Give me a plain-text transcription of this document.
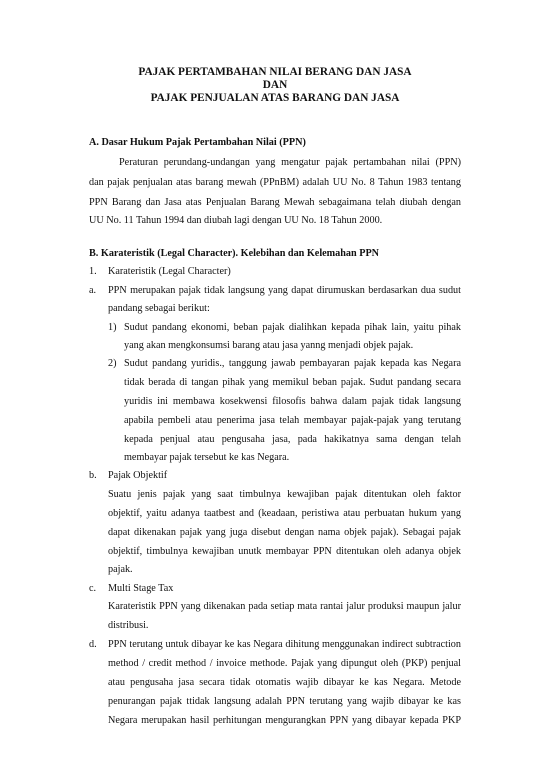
PAJAK PERTAMBAHAN NILAI BERANG DAN JASA
DAN
PAJAK PENJUALAN ATAS BARANG DAN JASA
A. Dasar Hukum Pajak Pertambahan Nilai (PPN)
Peraturan perundang-undangan yang mengatur pajak pertambahan nilai (PPN)
dan pajak penjualan atas barang mewah (PPnBM) adalah UU No. 8 Tahun 1983 tentang
PPN Barang dan Jasa atas Penjualan Barang Mewah sebagaimana telah diubah dengan
UU No. 11 Tahun 1994 dan diubah lagi dengan UU No. 18 Tahun 2000.
B. Karateristik (Legal Character). Kelebihan dan Kelemahan PPN
1. Karateristik (Legal Character)
a. PPN merupakan pajak tidak langsung yang dapat dirumuskan berdasarkan dua sudut
pandang sebagai berikut:
1) Sudut pandang ekonomi, beban pajak dialihkan kepada pihak lain, yaitu pihak
yang akan mengkonsumsi barang atau jasa yanng menjadi objek pajak.
2) Sudut pandang yuridis., tanggung jawab pembayaran pajak kepada kas Negara
tidak berada di tangan pihak yang memikul beban pajak. Sudut pandang secara
yuridis ini membawa kosekwensi filosofis bahwa dalam pajak tidak langsung
apabila pembeli atau penerima jasa telah membayar pajak-pajak yang terutang
kepada penjual atau pengusaha jasa, pada hakikatnya sama dengan telah
membayar pajak tersebut ke kas Negara.
b. Pajak Objektif
Suatu jenis pajak yang saat timbulnya kewajiban pajak ditentukan oleh faktor
objektif, yaitu adanya taatbest and (keadaan, peristiwa atau perbuatan hukum yang
dapat dikenakan pajak yang juga disebut dengan nama objek pajak). Sebagai pajak
objektif, timbulnya kewajiban unutk membayar PPN ditentukan oleh adanya objek
pajak.
c. Multi Stage Tax
Karateristik PPN yang dikenakan pada setiap mata rantai jalur produksi maupun jalur
distribusi.
d. PPN terutang untuk dibayar ke kas Negara dihitung menggunakan indirect subtraction
method / credit method / invoice methode. Pajak yang dipungut oleh (PKP) penjual
atau pengusaha jasa secara tidak otomatis wajib dibayar ke kas Negara. Metode
penurangan pajak ttidak langsung adalah PPN terutang yang wajib dibayar ke kas
Negara merupakan hasil perhitungan mengurangkan PPN yang dibayar kepada PKP
